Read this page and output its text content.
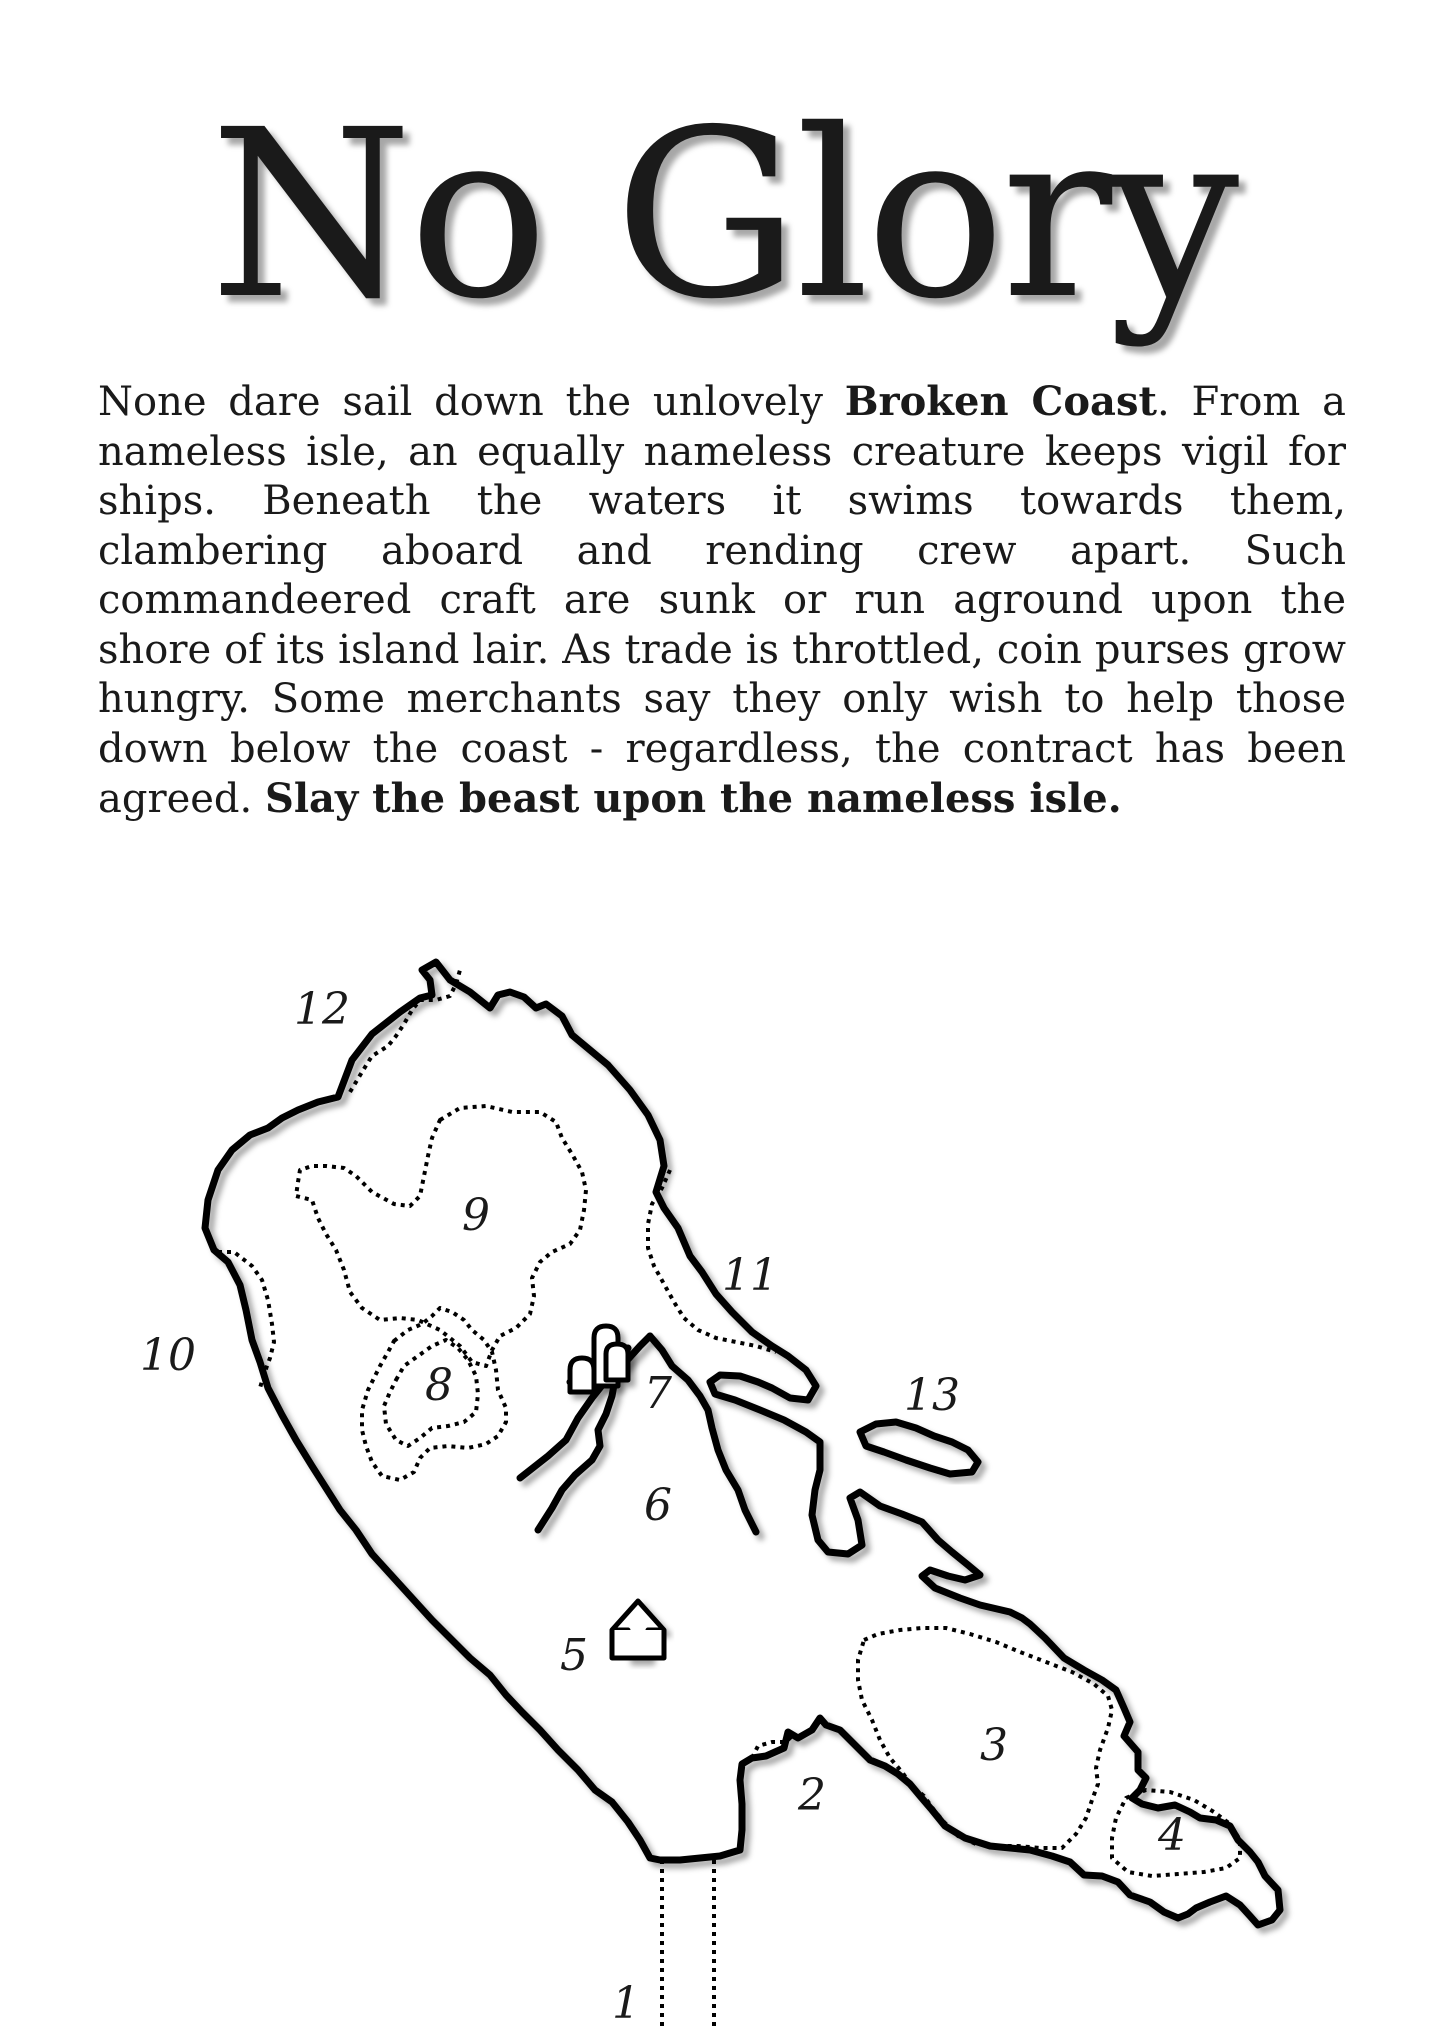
No Glory

None dare sail down the unlovely Broken Coast. From a nameless isle, an equally nameless creature keeps vigil for ships. Beneath the waters it swims towards them, clambering aboard and rending crew apart. Such commandeered craft are sunk or run aground upon the shore of its island lair. As trade is throttled, coin purses grow hungry. Some merchants say they only wish to help those down below the coast - regardless, the contract has been agreed. Slay the beast upon the nameless isle.

1
2
3
4
5
6
7
8
9
10
11
12
13
